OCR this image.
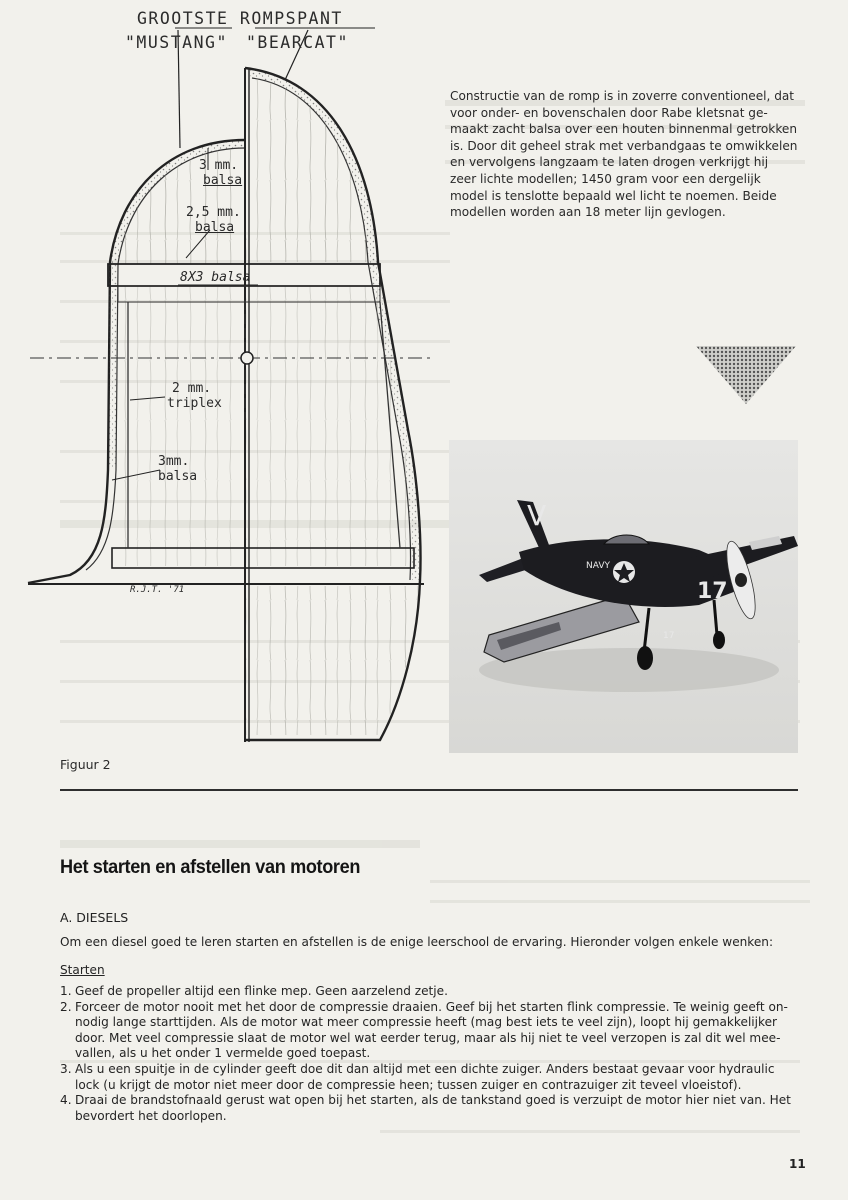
GROOTSTE ROMPSPANT
"MUSTANG" "BEARCAT"
3 mm.
balsa
2,5 mm.
balsa
8X3 balsa
2 mm.
triplex
3mm.
balsa
R.J.T. '71
Constructie van de romp is in zoverre conventioneel, dat
voor onder- en bovenschalen door Rabe kletsnat ge-
maakt zacht balsa over een houten binnenmal getrokken
is. Door dit geheel strak met verbandgaas te omwikkelen
en vervolgens langzaam te laten drogen verkrijgt hij
zeer lichte modellen; 1450 gram voor een dergelijk
model is tenslotte bepaald wel licht te noemen. Beide
modellen worden aan 18 meter lijn gevlogen.
V
NAVY
17
17
Figuur 2
Het starten en afstellen van motoren
A. DIESELS
Om een diesel goed te leren starten en afstellen is de enige leerschool de ervaring. Hieronder volgen enkele wenken:
Starten
1. Geef de propeller altijd een flinke mep. Geen aarzelend zetje.
2. Forceer de motor nooit met het door de compressie draaien. Geef bij het starten flink compressie. Te weinig geeft on-
nodig lange starttijden. Als de motor wat meer compressie heeft (mag best iets te veel zijn), loopt hij gemakkelijker
door. Met veel compressie slaat de motor wel wat eerder terug, maar als hij niet te veel verzopen is zal dit wel mee-
vallen, als u het onder 1 vermelde goed toepast.
3. Als u een spuitje in de cylinder geeft doe dit dan altijd met een dichte zuiger. Anders bestaat gevaar voor hydraulic
lock (u krijgt de motor niet meer door de compressie heen; tussen zuiger en contrazuiger zit teveel vloeistof).
4. Draai de brandstofnaald gerust wat open bij het starten, als de tankstand goed is verzuipt de motor hier niet van. Het
bevordert het doorlopen.
11
